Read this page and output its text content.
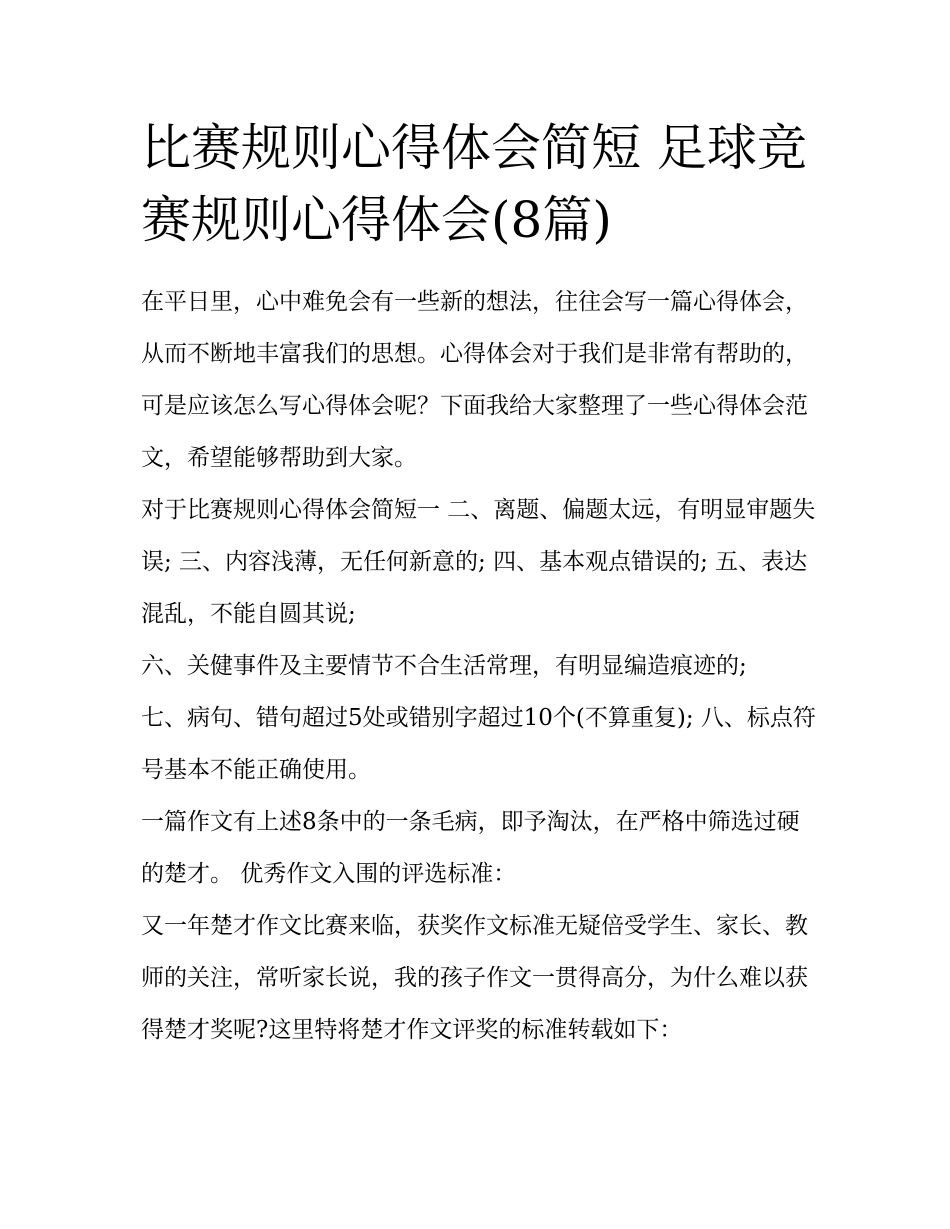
比赛规则心得体会简短 足球竞赛规则心得体会(8篇)

在平日里，心中难免会有一些新的想法，往往会写一篇心得体会，从而不断地丰富我们的思想。心得体会对于我们是非常有帮助的，可是应该怎么写心得体会呢？下面我给大家整理了一些心得体会范文，希望能够帮助到大家。

对于比赛规则心得体会简短一 二、离题、偏题太远，有明显审题失误; 三、内容浅薄，无任何新意的; 四、基本观点错误的; 五、表达混乱，不能自圆其说;

六、关健事件及主要情节不合生活常理，有明显编造痕迹的;

七、病句、错句超过5处或错别字超过10个(不算重复); 八、标点符号基本不能正确使用。

一篇作文有上述8条中的一条毛病，即予淘汰，在严格中筛选过硬的楚才。 优秀作文入围的评选标准：

又一年楚才作文比赛来临，获奖作文标准无疑倍受学生、家长、教师的关注，常听家长说，我的孩子作文一贯得高分，为什么难以获得楚才奖呢?这里特将楚才作文评奖的标准转载如下：
